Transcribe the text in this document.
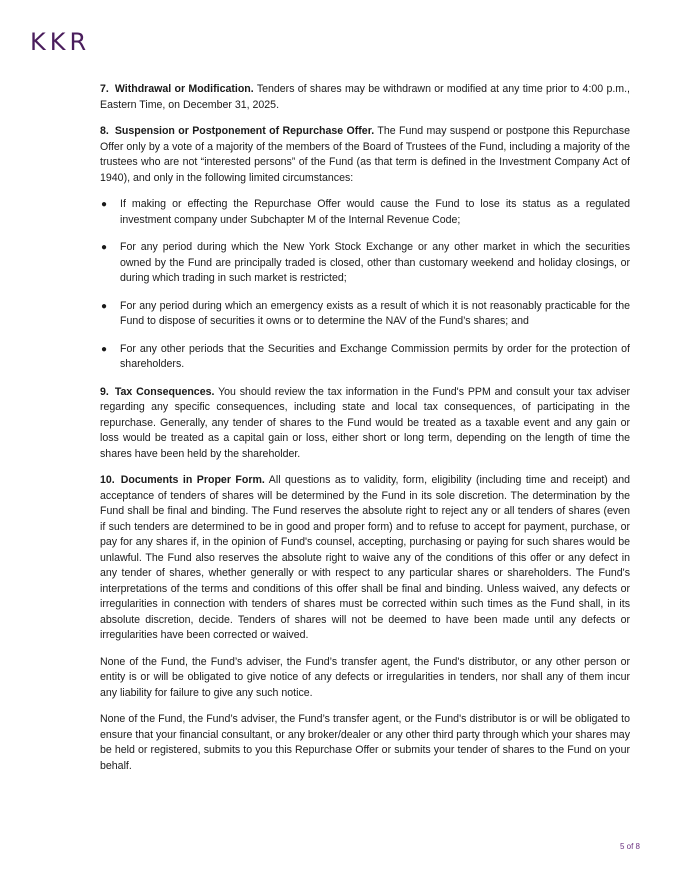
KKR

7. Withdrawal or Modification. Tenders of shares may be withdrawn or modified at any time prior to 4:00 p.m., Eastern Time, on December 31, 2025.

8. Suspension or Postponement of Repurchase Offer. The Fund may suspend or postpone this Repurchase Offer only by a vote of a majority of the members of the Board of Trustees of the Fund, including a majority of the trustees who are not “interested persons” of the Fund (as that term is defined in the Investment Company Act of 1940), and only in the following limited circumstances:

● If making or effecting the Repurchase Offer would cause the Fund to lose its status as a regulated investment company under Subchapter M of the Internal Revenue Code;
● For any period during which the New York Stock Exchange or any other market in which the securities owned by the Fund are principally traded is closed, other than customary weekend and holiday closings, or during which trading in such market is restricted;
● For any period during which an emergency exists as a result of which it is not reasonably practicable for the Fund to dispose of securities it owns or to determine the NAV of the Fund’s shares; and
● For any other periods that the Securities and Exchange Commission permits by order for the protection of shareholders.

9. Tax Consequences. You should review the tax information in the Fund's PPM and consult your tax adviser regarding any specific consequences, including state and local tax consequences, of participating in the repurchase. Generally, any tender of shares to the Fund would be treated as a taxable event and any gain or loss would be treated as a capital gain or loss, either short or long term, depending on the length of time the shares have been held by the shareholder.

10. Documents in Proper Form. All questions as to validity, form, eligibility (including time and receipt) and acceptance of tenders of shares will be determined by the Fund in its sole discretion. The determination by the Fund shall be final and binding. The Fund reserves the absolute right to reject any or all tenders of shares (even if such tenders are determined to be in good and proper form) and to refuse to accept for payment, purchase, or pay for any shares if, in the opinion of Fund's counsel, accepting, purchasing or paying for such shares would be unlawful. The Fund also reserves the absolute right to waive any of the conditions of this offer or any defect in any tender of shares, whether generally or with respect to any particular shares or shareholders. The Fund's interpretations of the terms and conditions of this offer shall be final and binding. Unless waived, any defects or irregularities in connection with tenders of shares must be corrected within such times as the Fund shall, in its absolute discretion, decide. Tenders of shares will not be deemed to have been made until any defects or irregularities have been corrected or waived.

None of the Fund, the Fund’s adviser, the Fund’s transfer agent, the Fund's distributor, or any other person or entity is or will be obligated to give notice of any defects or irregularities in tenders, nor shall any of them incur any liability for failure to give any such notice.

None of the Fund, the Fund’s adviser, the Fund’s transfer agent, or the Fund's distributor is or will be obligated to ensure that your financial consultant, or any broker/dealer or any other third party through which your shares may be held or registered, submits to you this Repurchase Offer or submits your tender of shares to the Fund on your behalf.

5 of 8
